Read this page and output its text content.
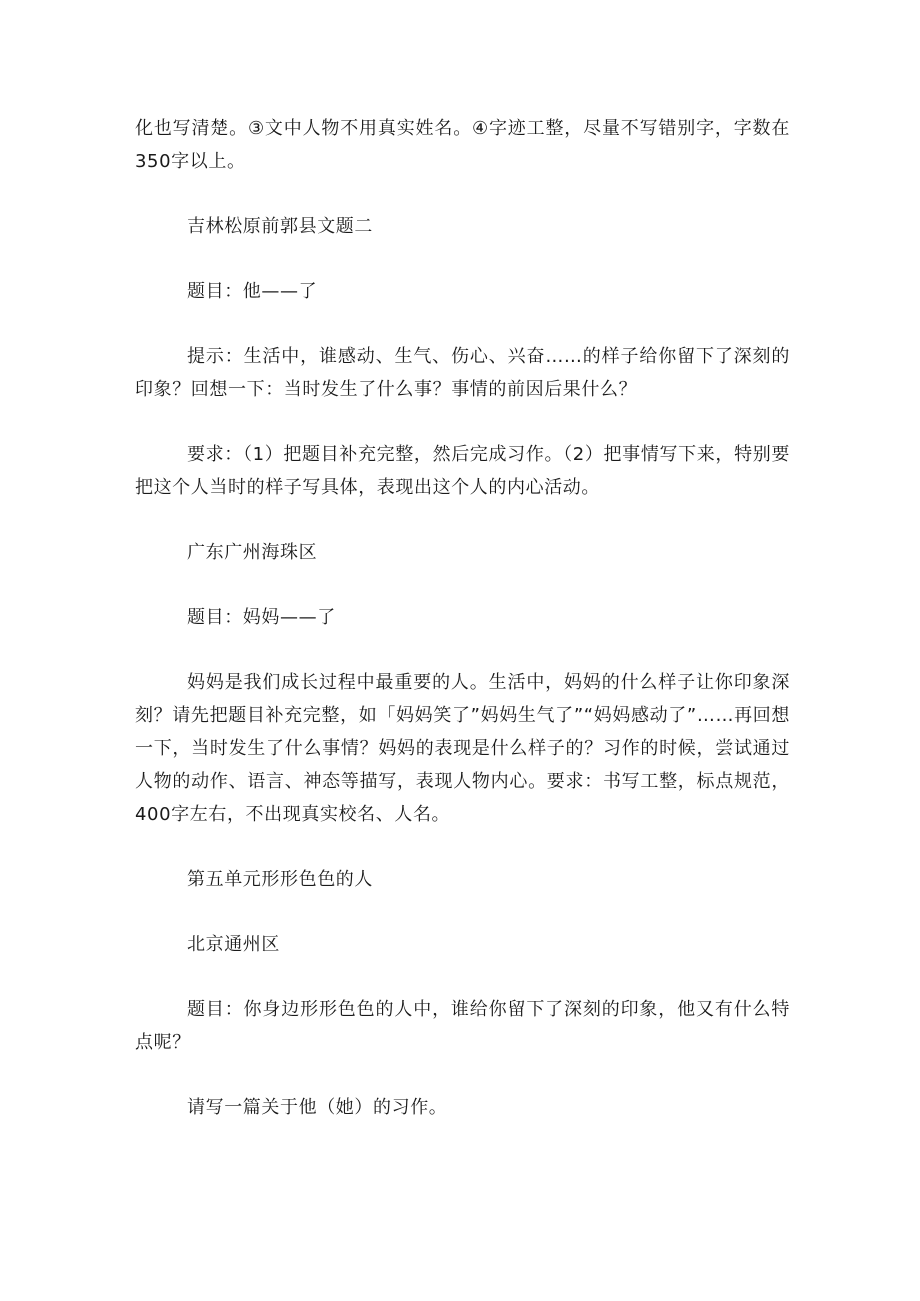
化也写清楚。③文中人物不用真实姓名。④字迹工整，尽量不写错别字，字数在350字以上。

吉林松原前郭县文题二

题目：他——了

提示：生活中，谁感动、生气、伤心、兴奋……的样子给你留下了深刻的印象？回想一下：当时发生了什么事？事情的前因后果什么？

要求：（1）把题目补充完整，然后完成习作。（2）把事情写下来，特别要把这个人当时的样子写具体，表现出这个人的内心活动。

广东广州海珠区

题目：妈妈——了

妈妈是我们成长过程中最重要的人。生活中，妈妈的什么样子让你印象深刻？请先把题目补充完整，如「妈妈笑了”妈妈生气了”“妈妈感动了”……再回想一下，当时发生了什么事情？妈妈的表现是什么样子的？习作的时候，尝试通过人物的动作、语言、神态等描写，表现人物内心。要求：书写工整，标点规范，400字左右，不出现真实校名、人名。

第五单元形形色色的人

北京通州区

题目：你身边形形色色的人中，谁给你留下了深刻的印象，他又有什么特点呢？

请写一篇关于他（她）的习作。
